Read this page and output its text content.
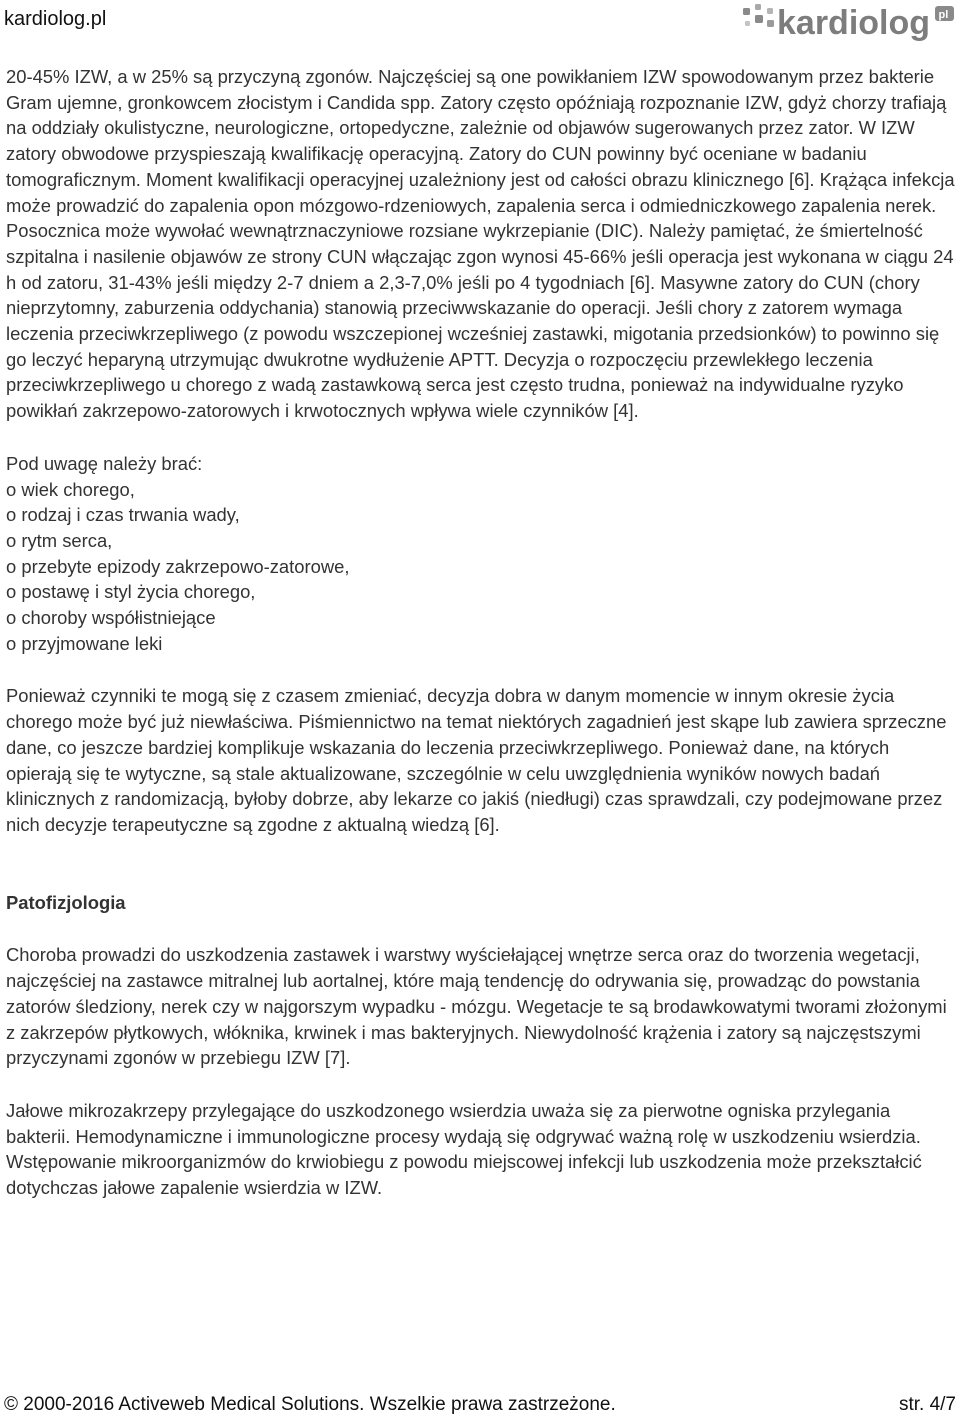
kardiolog.pl	kardiolog pl

20-45% IZW, a w 25% są przyczyną zgonów. Najczęściej są one powikłaniem IZW spowodowanym przez bakterie Gram ujemne, gronkowcem złocistym i Candida spp. Zatory często opóźniają rozpoznanie IZW, gdyż chorzy trafiają na oddziały okulistyczne, neurologiczne, ortopedyczne, zależnie od objawów sugerowanych przez zator. W IZW zatory obwodowe przyspieszają kwalifikację operacyjną. Zatory do CUN powinny być oceniane w badaniu tomograficznym. Moment kwalifikacji operacyjnej uzależniony jest od całości obrazu klinicznego [6]. Krążąca infekcja może prowadzić do zapalenia opon mózgowo-rdzeniowych, zapalenia serca i odmiedniczkowego zapalenia nerek. Posocznica może wywołać wewnątrznaczyniowe rozsiane wykrzepianie (DIC). Należy pamiętać, że śmiertelność szpitalna i nasilenie objawów ze strony CUN włączając zgon wynosi 45-66% jeśli operacja jest wykonana w ciągu 24 h od zatoru, 31-43% jeśli między 2-7 dniem a 2,3-7,0% jeśli po 4 tygodniach [6]. Masywne zatory do CUN (chory nieprzytomny, zaburzenia oddychania) stanowią przeciwwskazanie do operacji. Jeśli chory z zatorem wymaga leczenia przeciwkrzepliwego (z powodu wszczepionej wcześniej zastawki, migotania przedsionków) to powinno się go leczyć heparyną utrzymując dwukrotne wydłużenie APTT. Decyzja o rozpoczęciu przewlekłego leczenia przeciwkrzepliwego u chorego z wadą zastawkową serca jest często trudna, ponieważ na indywidualne ryzyko powikłań zakrzepowo-zatorowych i krwotocznych wpływa wiele czynników [4].

Pod uwagę należy brać:

o wiek chorego,
o rodzaj i czas trwania wady,
o rytm serca,
o przebyte epizody zakrzepowo-zatorowe,
o postawę i styl życia chorego,
o choroby współistniejące
o przyjmowane leki

Ponieważ czynniki te mogą się z czasem zmieniać, decyzja dobra w danym momencie w innym okresie życia chorego może być już niewłaściwa. Piśmiennictwo na temat niektórych zagadnień jest skąpe lub zawiera sprzeczne dane, co jeszcze bardziej komplikuje wskazania do leczenia przeciwkrzepliwego. Ponieważ dane, na których opierają się te wytyczne, są stale aktualizowane, szczególnie w celu uwzględnienia wyników nowych badań klinicznych z randomizacją, byłoby dobrze, aby lekarze co jakiś (niedługi) czas sprawdzali, czy podejmowane przez nich decyzje terapeutyczne są zgodne z aktualną wiedzą [6].

Patofizjologia

Choroba prowadzi do uszkodzenia zastawek i warstwy wyściełającej wnętrze serca oraz do tworzenia wegetacji, najczęściej na zastawce mitralnej lub aortalnej, które mają tendencję do odrywania się, prowadząc do powstania zatorów śledziony, nerek czy w najgorszym wypadku - mózgu. Wegetacje te są brodawkowatymi tworami złożonymi z zakrzepów płytkowych, włóknika, krwinek i mas bakteryjnych. Niewydolność krążenia i zatory są najczęstszymi przyczynami zgonów w przebiegu IZW [7].

Jałowe mikrozakrzepy przylegające do uszkodzonego wsierdzia uważa się za pierwotne ogniska przylegania bakterii. Hemodynamiczne i immunologiczne procesy wydają się odgrywać ważną rolę w uszkodzeniu wsierdzia. Wstępowanie mikroorganizmów do krwiobiegu z powodu miejscowej infekcji lub uszkodzenia może przekształcić dotychczas jałowe zapalenie wsierdzia w IZW.

© 2000-2016 Activeweb Medical Solutions. Wszelkie prawa zastrzeżone.	str. 4/7
